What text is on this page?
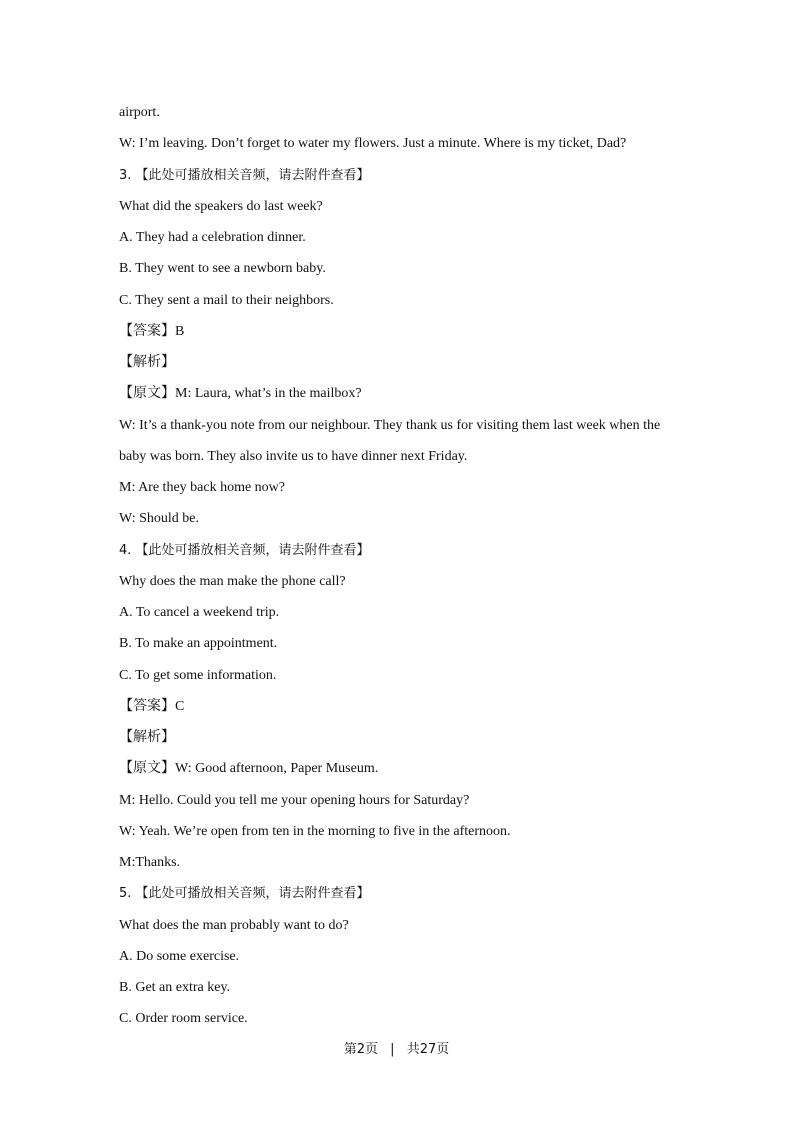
airport.
W: I’m leaving. Don’t forget to water my flowers. Just a minute. Where is my ticket, Dad?
3. 【此处可播放相关音频，请去附件查看】
What did the speakers do last week?
A. They had a celebration dinner.
B. They went to see a newborn baby.
C. They sent a mail to their neighbors.
【答案】B
【解析】
【原文】M: Laura, what’s in the mailbox?
W: It’s a thank-you note from our neighbour. They thank us for visiting them last week when the
baby was born. They also invite us to have dinner next Friday.
M: Are they back home now?
W: Should be.
4. 【此处可播放相关音频，请去附件查看】
Why does the man make the phone call?
A. To cancel a weekend trip.
B. To make an appointment.
C. To get some information.
【答案】C
【解析】
【原文】W: Good afternoon, Paper Museum.
M: Hello. Could you tell me your opening hours for Saturday?
W: Yeah. We’re open from ten in the morning to five in the afternoon.
M:Thanks.
5. 【此处可播放相关音频，请去附件查看】
What does the man probably want to do?
A. Do some exercise.
B. Get an extra key.
C. Order room service.
第2页 | 共27页
